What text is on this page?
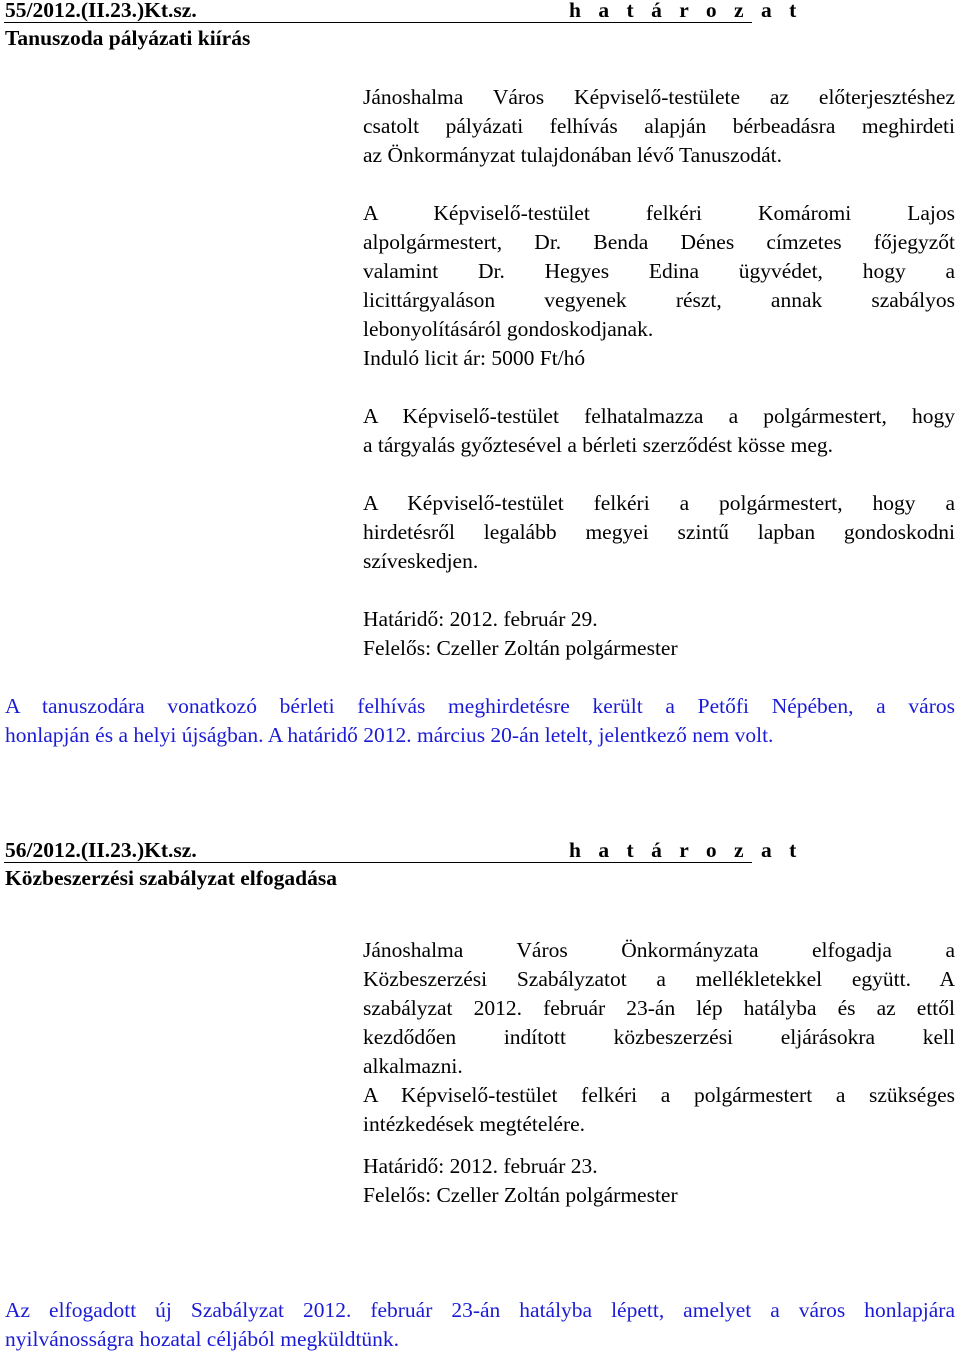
55/2012.(II.23.)Kt.sz.	h a t á r o z a t
Tanuszoda pályázati kiírás
Jánoshalma Város Képviselő-testülete az előterjesztéshez
csatolt pályázati felhívás alapján bérbeadásra meghirdeti
az Önkormányzat tulajdonában lévő Tanuszodát.
A Képviselő-testület felkéri Komáromi Lajos
alpolgármestert, Dr. Benda Dénes címzetes főjegyzőt
valamint Dr. Hegyes Edina ügyvédet, hogy a
licittárgyaláson vegyenek részt, annak szabályos
lebonyolításáról gondoskodjanak.
Induló licit ár: 5000 Ft/hó
A Képviselő-testület felhatalmazza a polgármestert, hogy
a tárgyalás győztesével a bérleti szerződést kösse meg.
A Képviselő-testület felkéri a polgármestert, hogy a
hirdetésről legalább megyei szintű lapban gondoskodni
szíveskedjen.
Határidő: 2012. február 29.
Felelős: Czeller Zoltán polgármester
A tanuszodára vonatkozó bérleti felhívás meghirdetésre került a Petőfi Népében, a város
honlapján és a helyi újságban. A határidő 2012. március 20-án letelt, jelentkező nem volt.
56/2012.(II.23.)Kt.sz.	h a t á r o z a t
Közbeszerzési szabályzat elfogadása
Jánoshalma Város Önkormányzata elfogadja a
Közbeszerzési Szabályzatot a mellékletekkel együtt. A
szabályzat 2012. február 23-án lép hatályba és az ettől
kezdődően indított közbeszerzési eljárásokra kell
alkalmazni.
A Képviselő-testület felkéri a polgármestert a szükséges
intézkedések megtételére.
Határidő: 2012. február 23.
Felelős: Czeller Zoltán polgármester
Az elfogadott új Szabályzat 2012. február 23-án hatályba lépett, amelyet a város honlapjára
nyilvánosságra hozatal céljából megküldtünk.
